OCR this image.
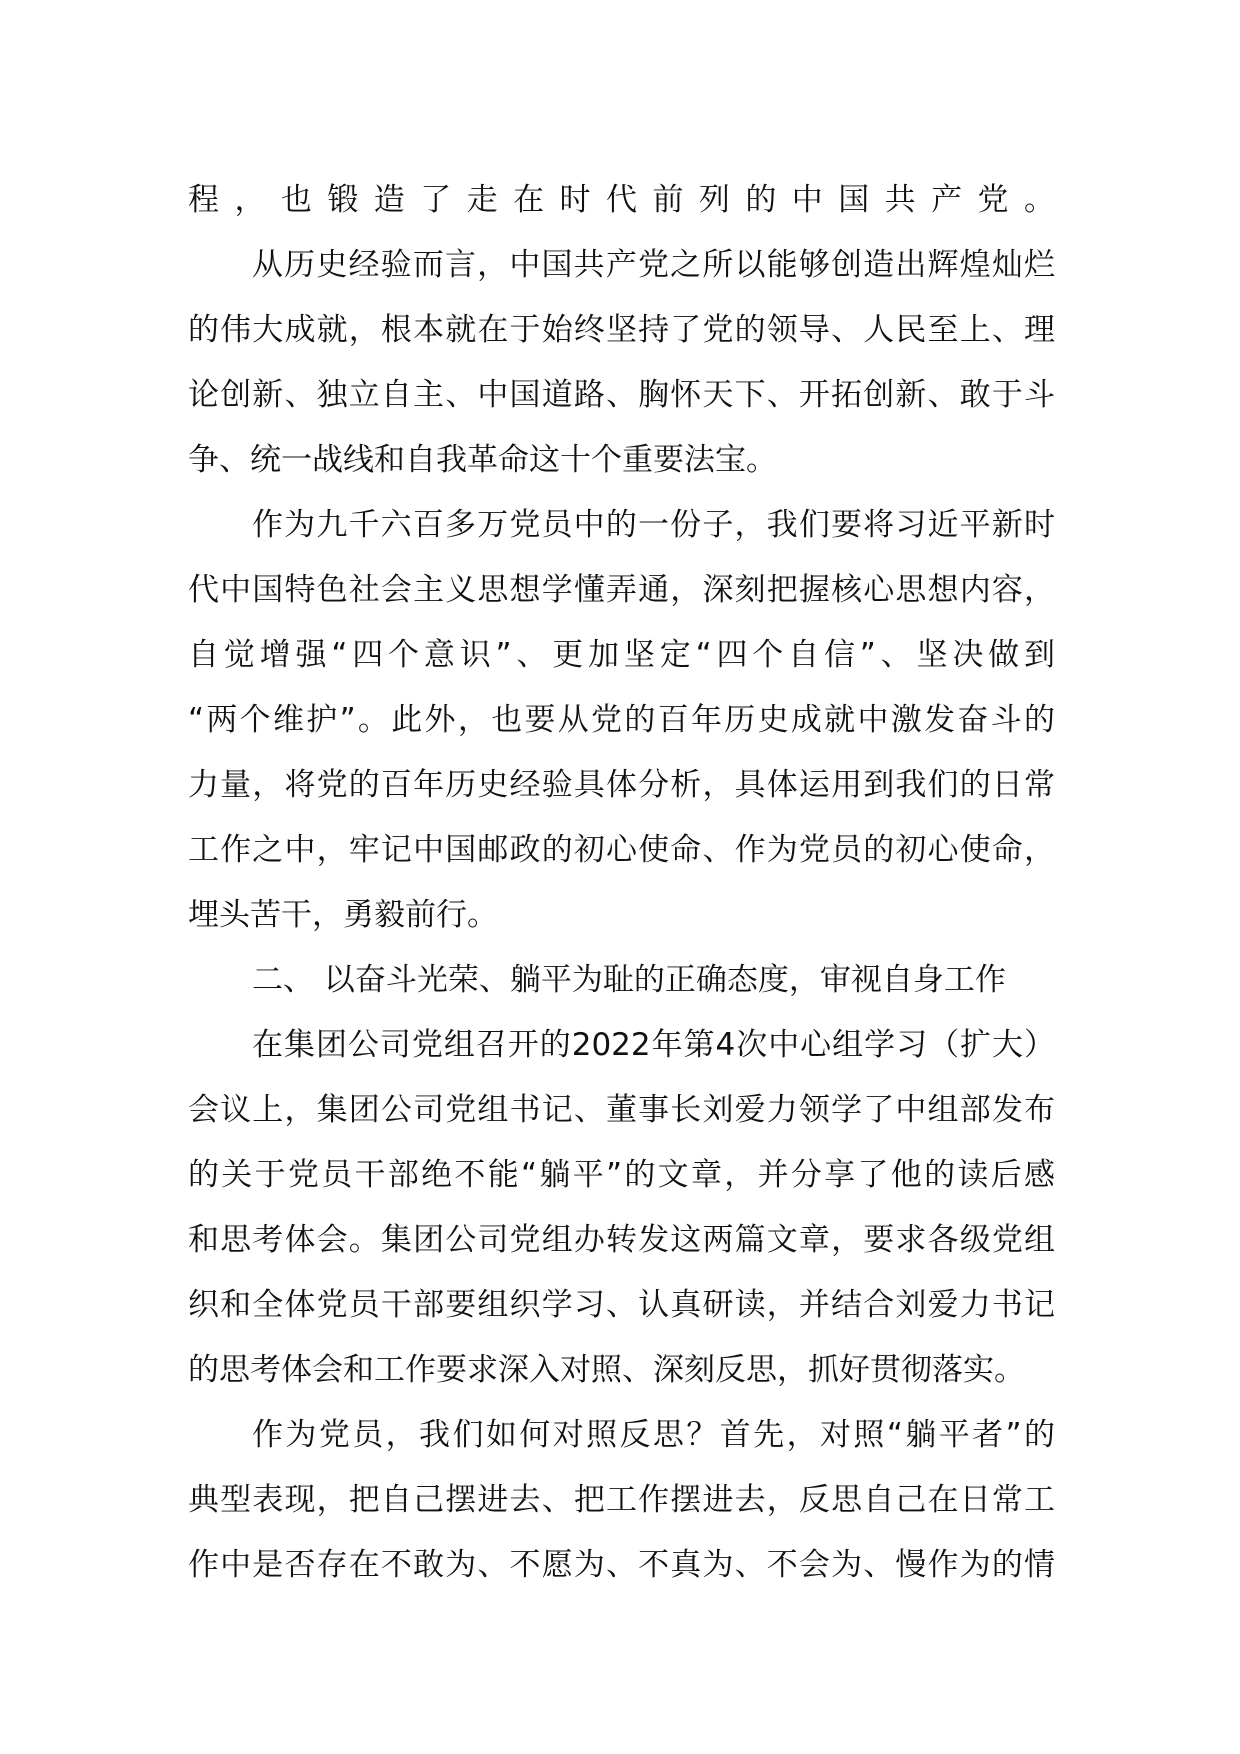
程，也锻造了走在时代前列的中国共产党。
从历史经验而言，中国共产党之所以能够创造出辉煌灿烂
的伟大成就，根本就在于始终坚持了党的领导、人民至上、理
论创新、独立自主、中国道路、胸怀天下、开拓创新、敢于斗
争、统一战线和自我革命这十个重要法宝。
作为九千六百多万党员中的一份子，我们要将习近平新时
代中国特色社会主义思想学懂弄通，深刻把握核心思想内容，
自觉增强“四个意识”、更加坚定“四个自信”、坚决做到
“两个维护”。此外，也要从党的百年历史成就中激发奋斗的
力量，将党的百年历史经验具体分析，具体运用到我们的日常
工作之中，牢记中国邮政的初心使命、作为党员的初心使命，
埋头苦干，勇毅前行。
二、 以奋斗光荣、躺平为耻的正确态度，审视自身工作
在集团公司党组召开的2022年第4次中心组学习（扩大）
会议上，集团公司党组书记、董事长刘爱力领学了中组部发布
的关于党员干部绝不能“躺平”的文章，并分享了他的读后感
和思考体会。集团公司党组办转发这两篇文章，要求各级党组
织和全体党员干部要组织学习、认真研读，并结合刘爱力书记
的思考体会和工作要求深入对照、深刻反思，抓好贯彻落实。
作为党员，我们如何对照反思？首先，对照“躺平者”的
典型表现，把自己摆进去、把工作摆进去，反思自己在日常工
作中是否存在不敢为、不愿为、不真为、不会为、慢作为的情
